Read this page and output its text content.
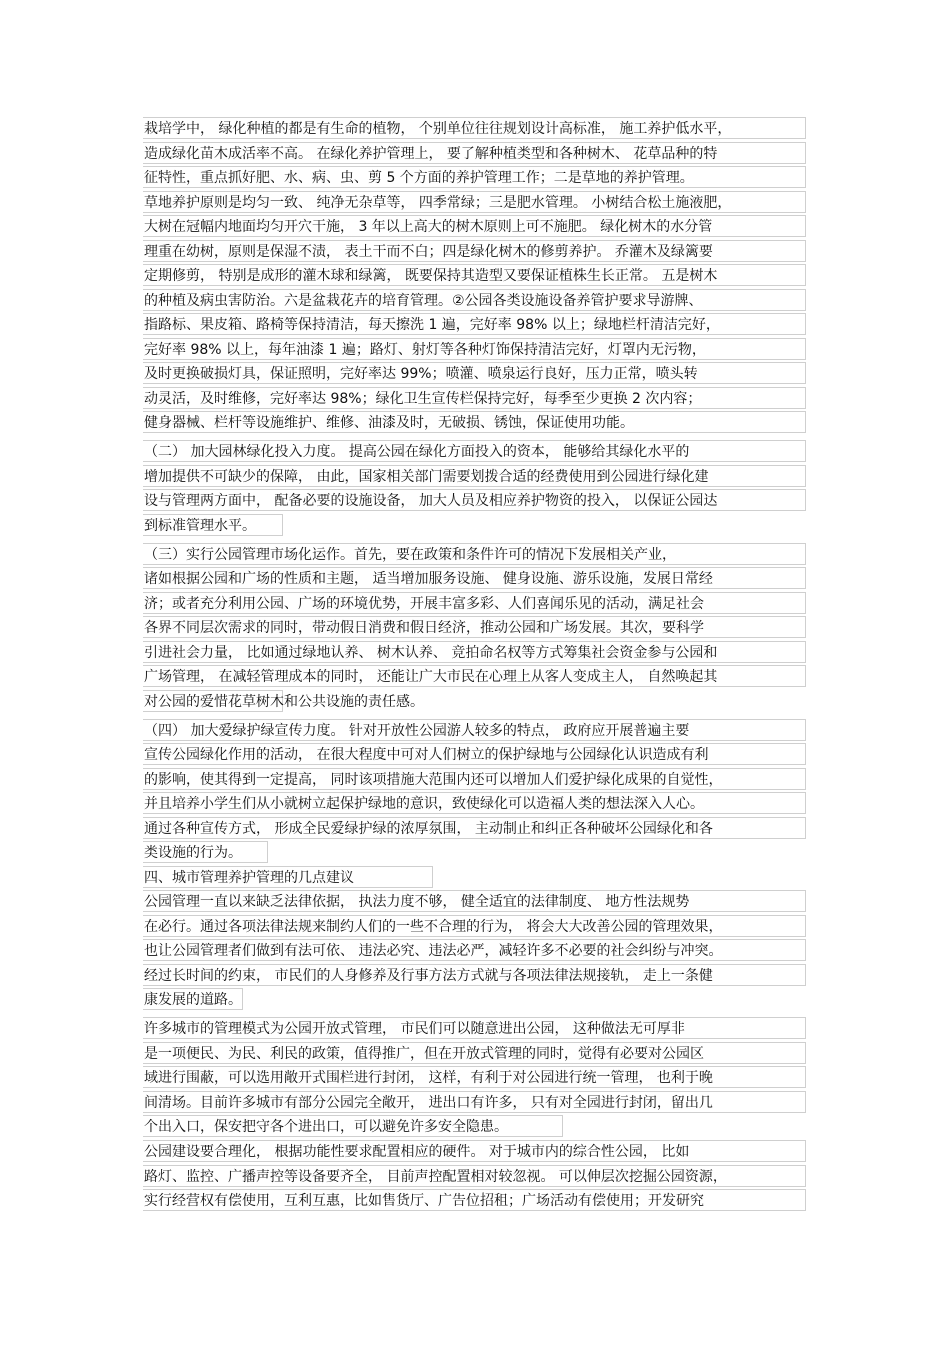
栽培学中， 绿化种植的都是有生命的植物， 个别单位往往规划设计高标准， 施工养护低水平，
造成绿化苗木成活率不高。 在绿化养护管理上， 要了解种植类型和各种树木、 花草品种的特
征特性，重点抓好肥、水、病、虫、剪 5 个方面的养护管理工作；二是草地的养护管理。
草地养护原则是均匀一致、 纯净无杂草等， 四季常绿；三是肥水管理。 小树结合松土施液肥，
大树在冠幅内地面均匀开穴干施， 3 年以上高大的树木原则上可不施肥。 绿化树木的水分管
理重在幼树，原则是保湿不渍， 表土干而不白；四是绿化树木的修剪养护。 乔灌木及绿篱要
定期修剪， 特别是成形的灌木球和绿篱， 既要保持其造型又要保证植株生长正常。 五是树木
的种植及病虫害防治。六是盆栽花卉的培育管理。②公园各类设施设备养管护要求导游牌、
指路标、果皮箱、路椅等保持清洁，每天擦洗 1 遍，完好率 98% 以上；绿地栏杆清洁完好，
完好率 98% 以上，每年油漆 1 遍；路灯、射灯等各种灯饰保持清洁完好，灯罩内无污物，
及时更换破损灯具，保证照明，完好率达 99%；喷灌、喷泉运行良好，压力正常，喷头转
动灵活，及时维修，完好率达 98%；绿化卫生宣传栏保持完好，每季至少更换 2 次内容；
健身器械、栏杆等设施维护、维修、油漆及时，无破损、锈蚀，保证使用功能。
（二） 加大园林绿化投入力度。 提高公园在绿化方面投入的资本， 能够给其绿化水平的
增加提供不可缺少的保障， 由此，国家相关部门需要划拨合适的经费使用到公园进行绿化建
设与管理两方面中， 配备必要的设施设备， 加大人员及相应养护物资的投入， 以保证公园达
到标准管理水平。
（三）实行公园管理市场化运作。首先，要在政策和条件许可的情况下发展相关产业，
诸如根据公园和广场的性质和主题， 适当增加服务设施、 健身设施、游乐设施，发展日常经
济；或者充分利用公园、广场的环境优势，开展丰富多彩、人们喜闻乐见的活动，满足社会
各界不同层次需求的同时，带动假日消费和假日经济，推动公园和广场发展。其次，要科学
引进社会力量， 比如通过绿地认养、 树木认养、 竞拍命名权等方式筹集社会资金参与公园和
广场管理， 在减轻管理成本的同时， 还能让广大市民在心理上从客人变成主人， 自然唤起其
对公园的爱惜花草树木和公共设施的责任感。
（四） 加大爱绿护绿宣传力度。 针对开放性公园游人较多的特点， 政府应开展普遍主要
宣传公园绿化作用的活动， 在很大程度中可对人们树立的保护绿地与公园绿化认识造成有利
的影响，使其得到一定提高， 同时该项措施大范围内还可以增加人们爱护绿化成果的自觉性，
并且培养小学生们从小就树立起保护绿地的意识，致使绿化可以造福人类的想法深入人心。
通过各种宣传方式， 形成全民爱绿护绿的浓厚氛围， 主动制止和纠正各种破坏公园绿化和各
类设施的行为。
四、城市管理养护管理的几点建议
公园管理一直以来缺乏法律依据， 执法力度不够， 健全适宜的法律制度、 地方性法规势
在必行。通过各项法律法规来制约人们的一些不合理的行为， 将会大大改善公园的管理效果，
也让公园管理者们做到有法可依、 违法必究、违法必严，减轻许多不必要的社会纠纷与冲突。
经过长时间的约束， 市民们的人身修养及行事方法方式就与各项法律法规接轨， 走上一条健
康发展的道路。
许多城市的管理模式为公园开放式管理， 市民们可以随意进出公园， 这种做法无可厚非
是一项便民、为民、利民的政策，值得推广，但在开放式管理的同时，觉得有必要对公园区
域进行围蔽，可以选用敞开式围栏进行封闭， 这样，有利于对公园进行统一管理， 也利于晚
间清场。目前许多城市有部分公园完全敞开， 进出口有许多， 只有对全园进行封闭，留出几
个出入口，保安把守各个进出口，可以避免许多安全隐患。
公园建设要合理化， 根据功能性要求配置相应的硬件。 对于城市内的综合性公园， 比如
路灯、监控、广播声控等设备要齐全， 目前声控配置相对较忽视。 可以伸层次挖掘公园资源，
实行经营权有偿使用，互利互惠，比如售货厅、广告位招租；广场活动有偿使用；开发研究
